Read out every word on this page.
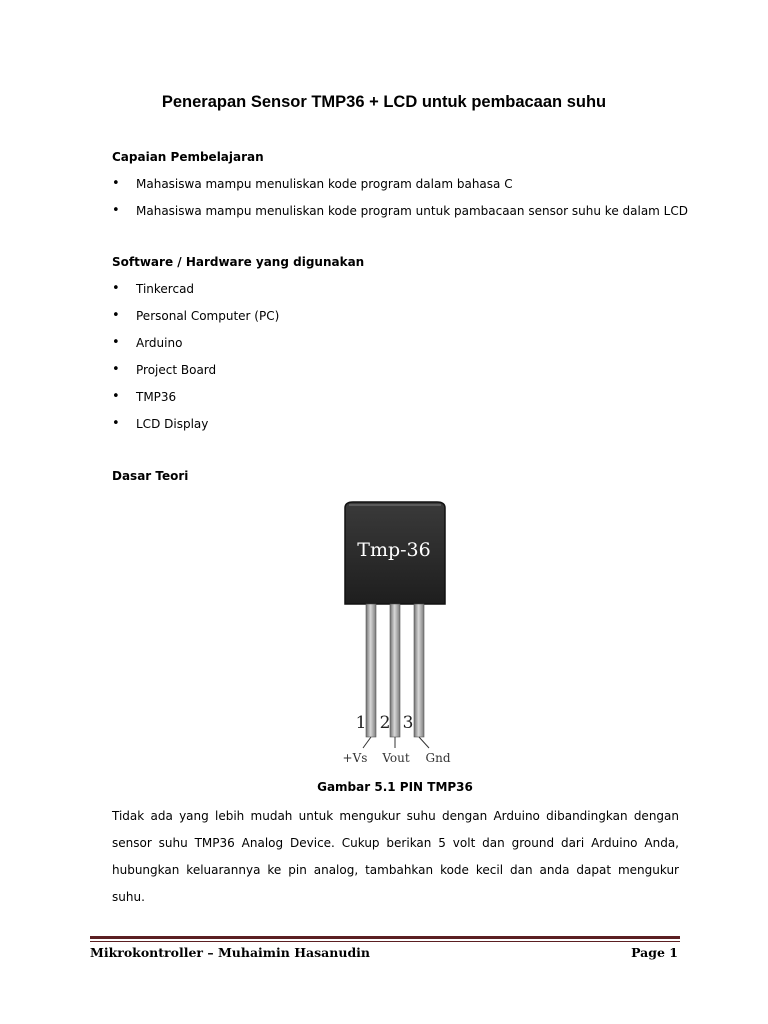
Penerapan Sensor TMP36 + LCD untuk pembacaan suhu
Capaian Pembelajaran
• Mahasiswa mampu menuliskan kode program dalam bahasa C
• Mahasiswa mampu menuliskan kode program untuk pambacaan sensor suhu ke dalam LCD
Software / Hardware yang digunakan
• Tinkercad
• Personal Computer (PC)
• Arduino
• Project Board
• TMP36
• LCD Display
Dasar Teori
Tmp-36
1 2 3
+Vs Vout Gnd
Gambar 5.1 PIN TMP36

Tidak ada yang lebih mudah untuk mengukur suhu dengan Arduino dibandingkan dengan sensor suhu TMP36 Analog Device. Cukup berikan 5 volt dan ground dari Arduino Anda, hubungkan keluarannya ke pin analog, tambahkan kode kecil dan anda dapat mengukur suhu.

Mikrokontroller – Muhaimin Hasanudin	Page 1
